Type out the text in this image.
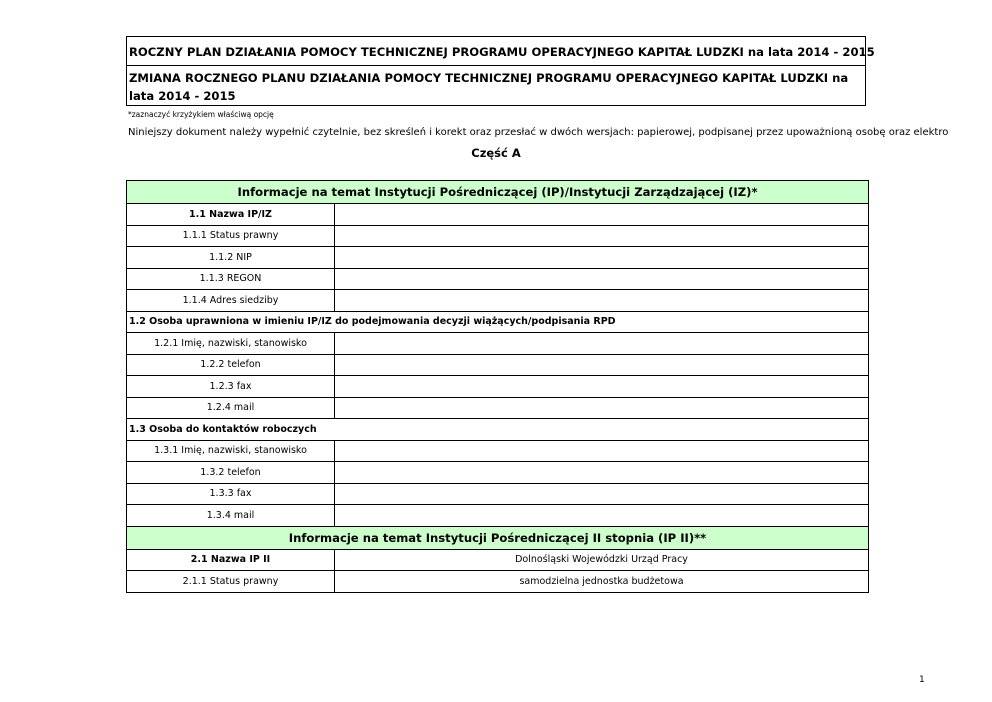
ROCZNY PLAN DZIAŁANIA POMOCY TECHNICZNEJ PROGRAMU OPERACYJNEGO KAPITAŁ LUDZKI na lata 2014 - 2015
ZMIANA ROCZNEGO PLANU DZIAŁANIA POMOCY TECHNICZNEJ PROGRAMU OPERACYJNEGO KAPITAŁ LUDZKI na lata 2014 - 2015
*zaznaczyć krzyżykiem właściwą opcję
Niniejszy dokument należy wypełnić czytelnie, bez skreśleń i korekt oraz przesłać w dwóch wersjach: papierowej, podpisanej przez upoważnioną osobę oraz elektro
Część A
Informacje na temat Instytucji Pośredniczącej (IP)/Instytucji Zarządzającej (IZ)*	
1.1 Nazwa IP/IZ	
1.1.1 Status prawny	
1.1.2 NIP	
1.1.3 REGON	
1.1.4 Adres siedziby	
1.2 Osoba uprawniona w imieniu IP/IZ do podejmowania decyzji wiążących/podpisania RPD	
1.2.1 Imię, nazwiski, stanowisko	
1.2.2 telefon	
1.2.3 fax	
1.2.4 mail	
1.3 Osoba do kontaktów roboczych	
1.3.1 Imię, nazwiski, stanowisko	
1.3.2 telefon	
1.3.3 fax	
1.3.4 mail	
Informacje na temat Instytucji Pośredniczącej II stopnia (IP II)**	
2.1 Nazwa IP II	Dolnośląski Wojewódzki Urząd Pracy
2.1.1 Status prawny	samodzielna jednostka budżetowa
1
